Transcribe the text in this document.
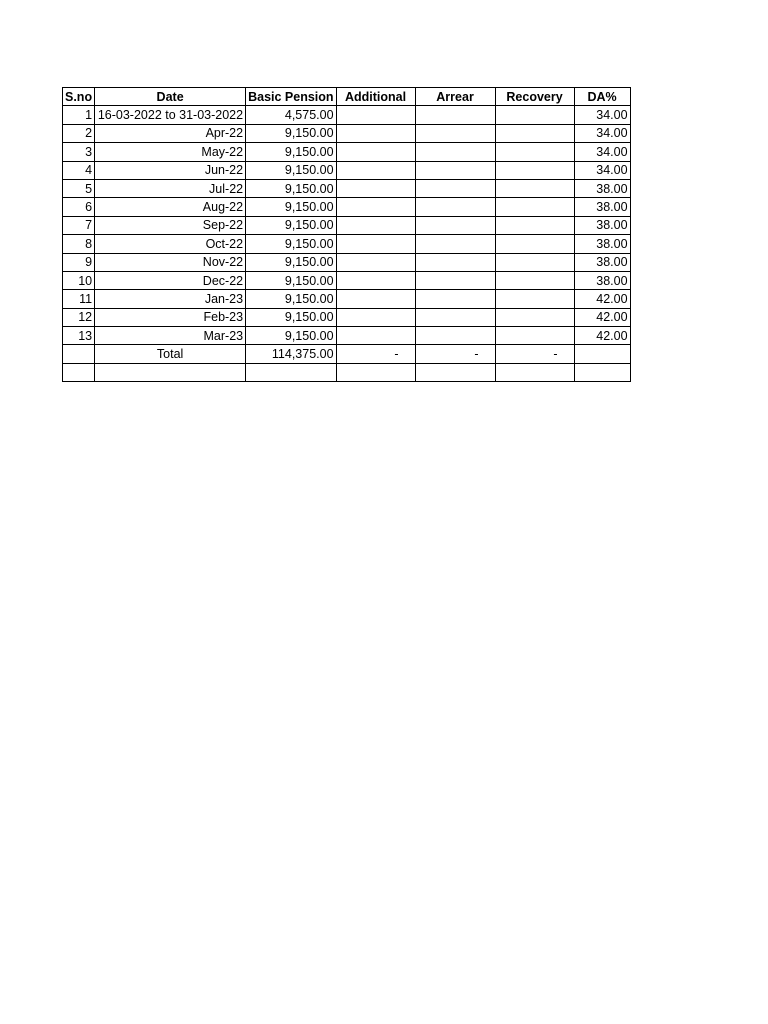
S.no	Date	Basic Pension	Additional	Arrear	Recovery	DA%
1	16-03-2022 to 31-03-2022	4,575.00				34.00
2	Apr-22	9,150.00				34.00
3	May-22	9,150.00				34.00
4	Jun-22	9,150.00				34.00
5	Jul-22	9,150.00				38.00
6	Aug-22	9,150.00				38.00
7	Sep-22	9,150.00				38.00
8	Oct-22	9,150.00				38.00
9	Nov-22	9,150.00				38.00
10	Dec-22	9,150.00				38.00
11	Jan-23	9,150.00				42.00
12	Feb-23	9,150.00				42.00
13	Mar-23	9,150.00				42.00
	Total	114,375.00	-	-	-	
